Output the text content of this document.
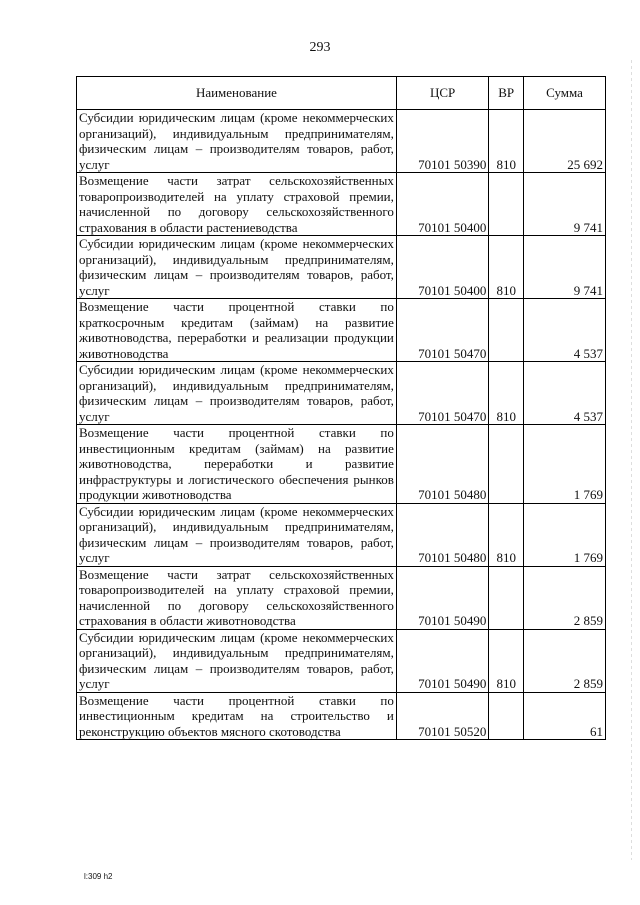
293
Наименование	ЦСР	ВР	Сумма
Субсидии юридическим лицам (кроме некоммерческих организаций), индивидуальным предпринимателям, физическим лицам – производителям товаров, работ, услуг	70101 50390	810	25 692
Возмещение части затрат сельскохозяйственных товаропроизводителей на уплату страховой премии, начисленной по договору сельскохозяйственного страхования в области растениеводства	70101 50400		9 741
Субсидии юридическим лицам (кроме некоммерческих организаций), индивидуальным предпринимателям, физическим лицам – производителям товаров, работ, услуг	70101 50400	810	9 741
Возмещение части процентной ставки по краткосрочным кредитам (займам) на развитие животноводства, переработки и реализации продукции животноводства	70101 50470		4 537
Субсидии юридическим лицам (кроме некоммерческих организаций), индивидуальным предпринимателям, физическим лицам – производителям товаров, работ, услуг	70101 50470	810	4 537
Возмещение части процентной ставки по инвестиционным кредитам (займам) на развитие животноводства, переработки и развитие инфраструктуры и логистического обеспечения рынков продукции животноводства	70101 50480		1 769
Субсидии юридическим лицам (кроме некоммерческих организаций), индивидуальным предпринимателям, физическим лицам – производителям товаров, работ, услуг	70101 50480	810	1 769
Возмещение части затрат сельскохозяйственных товаропроизводителей на уплату страховой премии, начисленной по договору сельскохозяйственного страхования в области животноводства	70101 50490		2 859
Субсидии юридическим лицам (кроме некоммерческих организаций), индивидуальным предпринимателям, физическим лицам – производителям товаров, работ, услуг	70101 50490	810	2 859
Возмещение части процентной ставки по инвестиционным кредитам на строительство и реконструкцию объектов мясного скотоводства	70101 50520		61
l:309 h2
